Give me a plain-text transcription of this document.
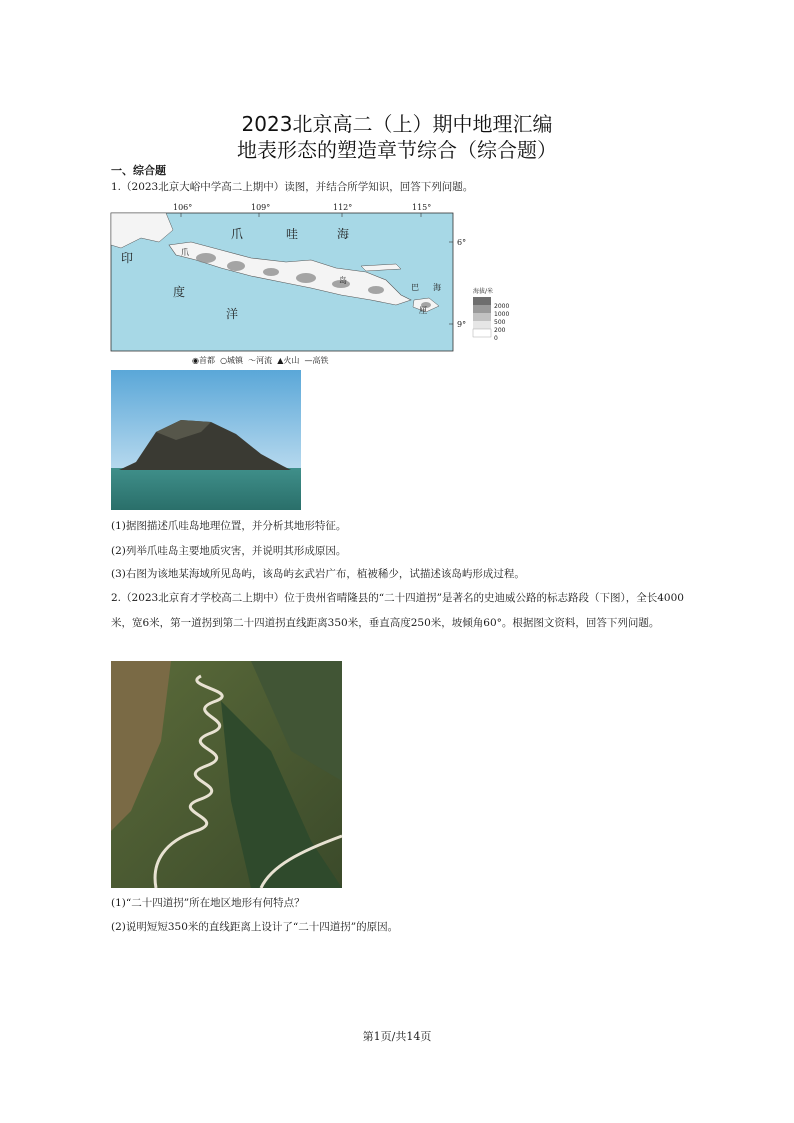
2023北京高二（上）期中地理汇编
地表形态的塑造章节综合（综合题）
一、综合题
1.（2023北京大峪中学高二上期中）读图，并结合所学知识，回答下列问题。
106°	109°	112°	115°
6°
9°
爪	哇	海
印
度
洋
爪
岛
巴
厘
海	海拔/米
2000
1000
500
200
0
◉首都 ○城镇 ～河流 ▲火山 —高铁
(1)据图描述爪哇岛地理位置，并分析其地形特征。
(2)列举爪哇岛主要地质灾害，并说明其形成原因。
(3)右图为该地某海域所见岛屿，该岛屿玄武岩广布，植被稀少，试描述该岛屿形成过程。
2.（2023北京育才学校高二上期中）位于贵州省晴隆县的“二十四道拐”是著名的史迪威公路的标志路段（下图），全长4000米，宽6米，第一道拐到第二十四道拐直线距离350米，垂直高度250米，坡倾角60°。根据图文资料，回答下列问题。
(1)“二十四道拐”所在地区地形有何特点？
(2)说明短短350米的直线距离上设计了“二十四道拐”的原因。
第1页/共14页
